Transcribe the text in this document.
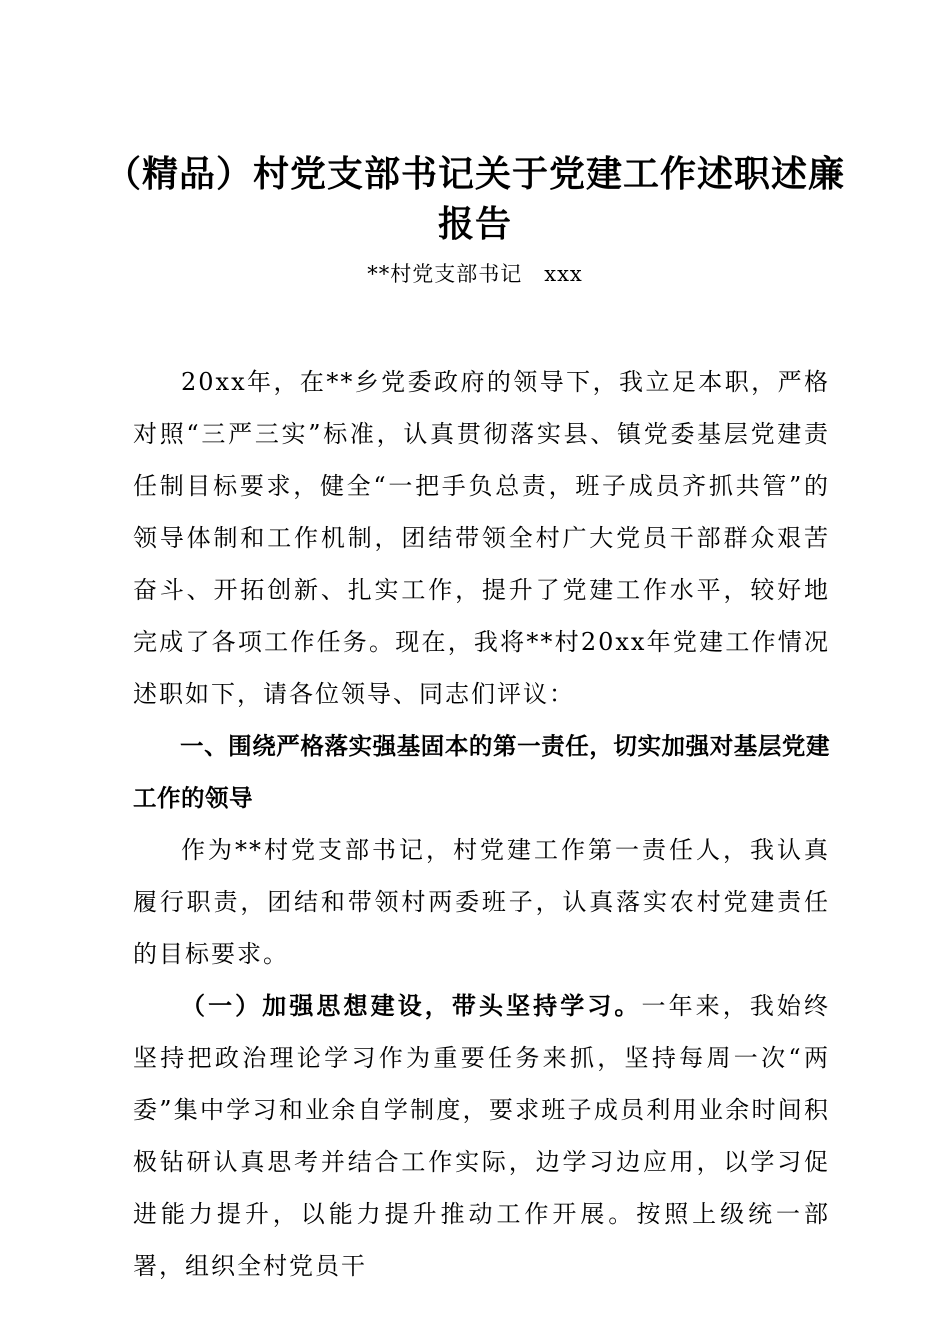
（精品）村党支部书记关于党建工作述职述廉报告
**村党支部书记　xxx

20xx年，在**乡党委政府的领导下，我立足本职，严格对照“三严三实”标准，认真贯彻落实县、镇党委基层党建责任制目标要求，健全“一把手负总责，班子成员齐抓共管”的领导体制和工作机制，团结带领全村广大党员干部群众艰苦奋斗、开拓创新、扎实工作，提升了党建工作水平，较好地完成了各项工作任务。现在，我将**村20xx年党建工作情况述职如下，请各位领导、同志们评议：

一、围绕严格落实强基固本的第一责任，切实加强对基层党建工作的领导

作为**村党支部书记，村党建工作第一责任人，我认真履行职责，团结和带领村两委班子，认真落实农村党建责任的目标要求。

（一）加强思想建设，带头坚持学习。一年来，我始终坚持把政治理论学习作为重要任务来抓，坚持每周一次“两委”集中学习和业余自学制度，要求班子成员利用业余时间积极钻研认真思考并结合工作实际，边学习边应用，以学习促进能力提升，以能力提升推动工作开展。按照上级统一部署，组织全村党员干
